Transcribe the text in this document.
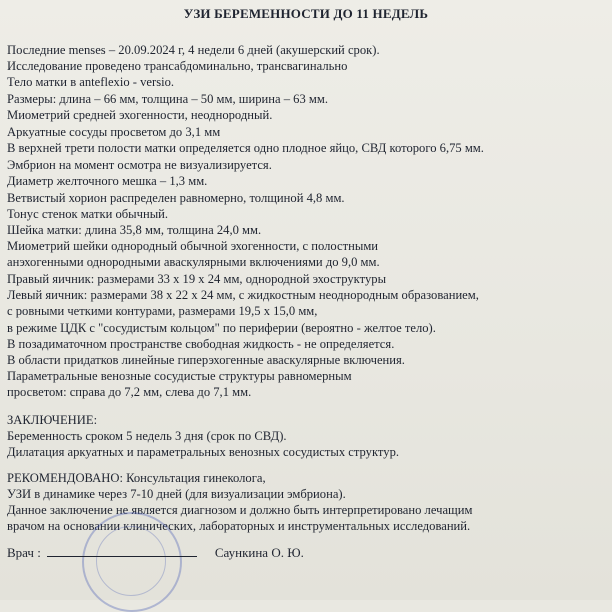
УЗИ БЕРЕМЕННОСТИ ДО 11 НЕДЕЛЬ
Последние menses – 20.09.2024 г, 4 недели 6 дней (акушерский срок).
Исследование проведено трансабдоминально, трансвагинально
Тело матки в anteflexio - versio.
Размеры: длина – 66 мм, толщина – 50 мм, ширина – 63 мм.
Миометрий средней эхогенности, неоднородный.
Аркуатные сосуды просветом до 3,1 мм
В верхней трети полости матки определяется одно плодное яйцо, СВД которого 6,75 мм.
Эмбрион на момент осмотра не визуализируется.
Диаметр желточного мешка – 1,3 мм.
Ветвистый хорион распределен равномерно, толщиной 4,8 мм.
Тонус стенок матки обычный.
Шейка матки: длина 35,8 мм, толщина 24,0 мм.
Миометрий шейки однородный обычной эхогенности, с полостными
анэхогенными однородными аваскулярными включениями до 9,0 мм.
Правый яичник: размерами 33 х 19 х 24 мм, однородной эхоструктуры
Левый яичник: размерами 38 х 22 х 24 мм, с жидкостным неоднородным образованием,
с ровными четкими контурами, размерами 19,5 х 15,0 мм,
в режиме ЦДК с "сосудистым кольцом" по периферии (вероятно - желтое тело).
В позадиматочном пространстве свободная жидкость - не определяется.
В области придатков линейные гиперэхогенные аваскулярные включения.
Параметральные венозные сосудистые структуры равномерным
просветом: справа до 7,2 мм, слева до 7,1 мм.
ЗАКЛЮЧЕНИЕ:
Беременность сроком 5 недель 3 дня (срок по СВД).
Дилатация аркуатных и параметральных венозных сосудистых структур.
РЕКОМЕНДОВАНО: Консультация гинеколога,
УЗИ в динамике через 7-10 дней (для визуализации эмбриона).
Данное заключение не является диагнозом и должно быть интерпретировано лечащим
врачом на основании клинических, лабораторных и инструментальных исследований.
Врач :	Саункина О. Ю.
